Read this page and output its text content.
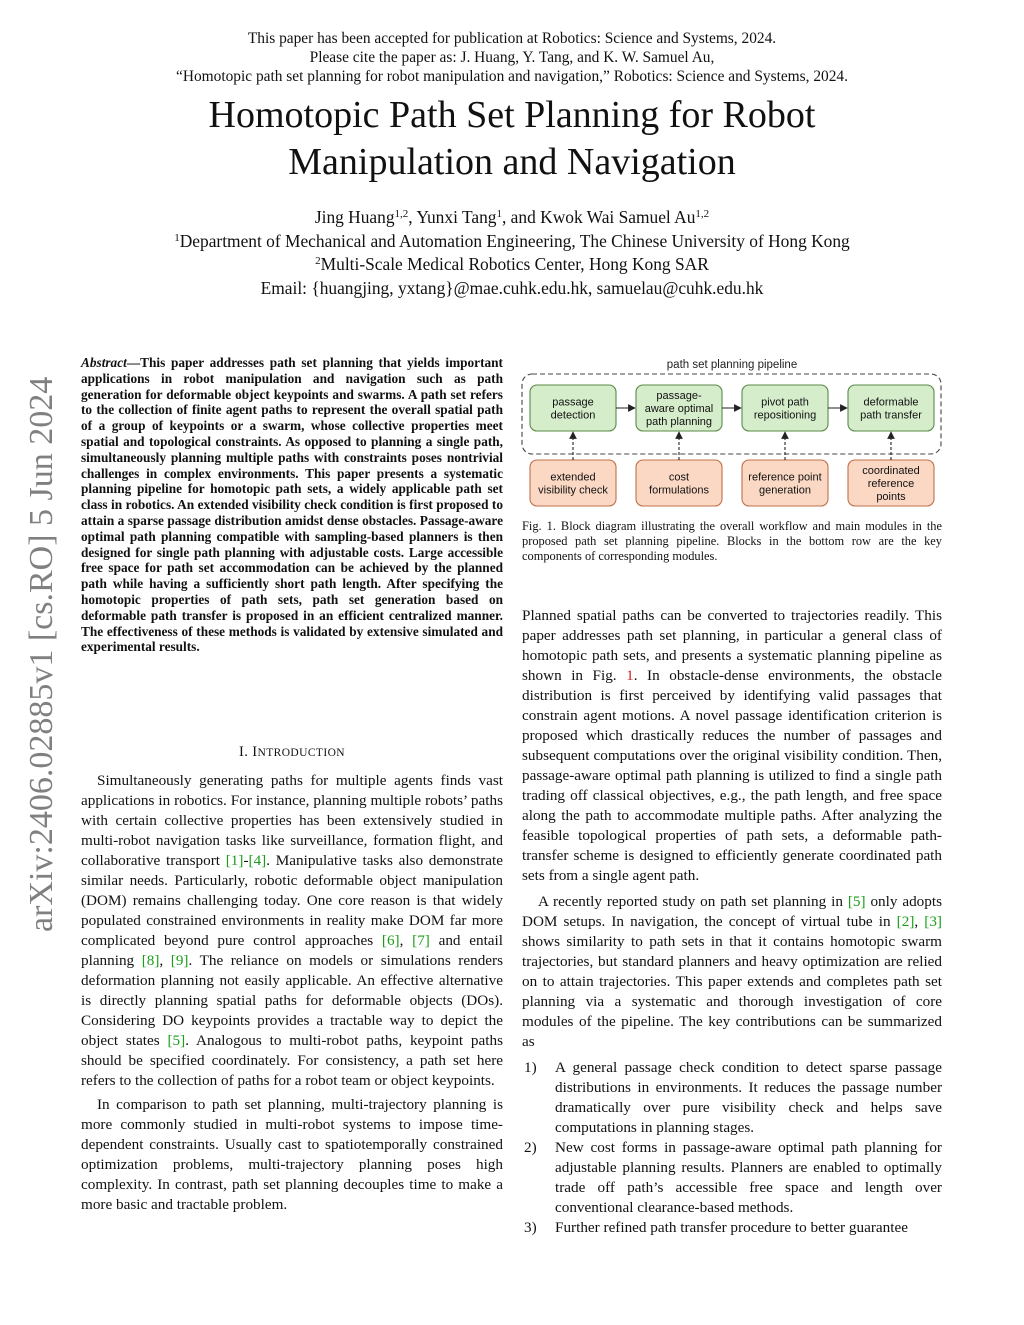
arXiv:2406.02885v1 [cs.RO] 5 Jun 2024
This paper has been accepted for publication at Robotics: Science and Systems, 2024.
Please cite the paper as: J. Huang, Y. Tang, and K. W. Samuel Au,
“Homotopic path set planning for robot manipulation and navigation,” Robotics: Science and Systems, 2024.
Homotopic Path Set Planning for Robot
Manipulation and Navigation
Jing Huang$^{1,2}$, Yunxi Tang$^1$, and Kwok Wai Samuel Au$^{1,2}$
$^1$Department of Mechanical and Automation Engineering, The Chinese University of Hong Kong
$^2$Multi-Scale Medical Robotics Center, Hong Kong SAR
Email: {huangjing, yxtang}@mae.cuhk.edu.hk, samuelau@cuhk.edu.hk
Abstract—This paper addresses path set planning that yields important applications in robot manipulation and navigation such as path generation for deformable object keypoints and swarms. A path set refers to the collection of finite agent paths to represent the overall spatial path of a group of keypoints or a swarm, whose collective properties meet spatial and topological constraints. As opposed to planning a single path, simultaneously planning multiple paths with constraints poses nontrivial challenges in complex environments. This paper presents a systematic planning pipeline for homotopic path sets, a widely applicable path set class in robotics. An extended visibility check condition is first proposed to attain a sparse passage distribution amidst dense obstacles. Passage-aware optimal path planning compatible with sampling-based planners is then designed for single path planning with adjustable costs. Large accessible free space for path set accommodation can be achieved by the planned path while having a sufficiently short path length. After specifying the homotopic properties of path sets, path set generation based on deformable path transfer is proposed in an efficient centralized manner. The effectiveness of these methods is validated by extensive simulated and experimental results.
I. INTRODUCTION

Simultaneously generating paths for multiple agents finds vast applications in robotics. For instance, planning multiple robots’ paths with certain collective properties has been extensively studied in multi-robot navigation tasks like surveillance, formation flight, and collaborative transport [1]-[4]. Manipulative tasks also demonstrate similar needs. Particularly, robotic deformable object manipulation (DOM) remains challenging today. One core reason is that widely populated constrained environments in reality make DOM far more complicated beyond pure control approaches [6], [7] and entail planning [8], [9]. The reliance on models or simulations renders deformation planning not easily applicable. An effective alternative is directly planning spatial paths for deformable objects (DOs). Considering DO keypoints provides a tractable way to depict the object states [5]. Analogous to multi-robot paths, keypoint paths should be specified coordinately. For consistency, a path set here refers to the collection of paths for a robot team or object keypoints.

In comparison to path set planning, multi-trajectory planning is more commonly studied in multi-robot systems to impose time-dependent constraints. Usually cast to spatiotemporally constrained optimization problems, multi-trajectory planning poses high complexity. In contrast, path set planning decouples time to make a more basic and tractable problem.

path set planning pipeline
passage
detection
passage-
aware optimal
path planning
pivot path
repositioning
deformable
path transfer
extended
visibility check
cost
formulations
reference point
generation
coordinated
reference
points
Fig. 1. Block diagram illustrating the overall workflow and main modules in the proposed path set planning pipeline. Blocks in the bottom row are the key components of corresponding modules.

Planned spatial paths can be converted to trajectories readily. This paper addresses path set planning, in particular a general class of homotopic path sets, and presents a systematic planning pipeline as shown in Fig. 1. In obstacle-dense environments, the obstacle distribution is first perceived by identifying valid passages that constrain agent motions. A novel passage identification criterion is proposed which drastically reduces the number of passages and subsequent computations over the original visibility condition. Then, passage-aware optimal path planning is utilized to find a single path trading off classical objectives, e.g., the path length, and free space along the path to accommodate multiple paths. After analyzing the feasible topological properties of path sets, a deformable path-transfer scheme is designed to efficiently generate coordinated path sets from a single agent path.

A recently reported study on path set planning in [5] only adopts DOM setups. In navigation, the concept of virtual tube in [2], [3] shows similarity to path sets in that it contains homotopic swarm trajectories, but standard planners and heavy optimization are relied on to attain trajectories. This paper extends and completes path set planning via a systematic and thorough investigation of core modules of the pipeline. The key contributions can be summarized as

1) A general passage check condition to detect sparse passage distributions in environments. It reduces the passage number dramatically over pure visibility check and helps save computations in planning stages.
2) New cost forms in passage-aware optimal path planning for adjustable planning results. Planners are enabled to optimally trade off path’s accessible free space and length over conventional clearance-based methods.
3) Further refined path transfer procedure to better guarantee
